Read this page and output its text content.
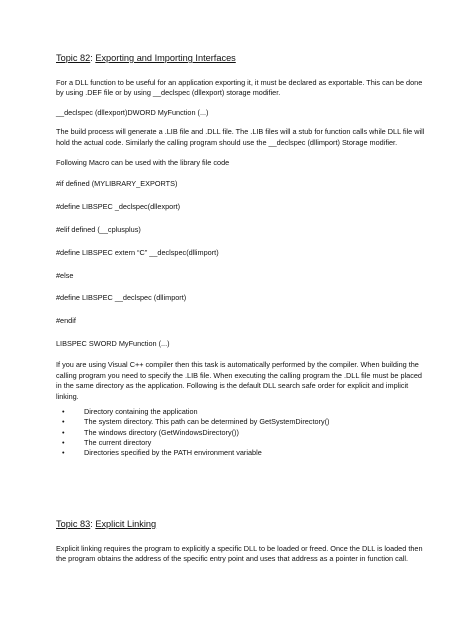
Topic 82: Exporting and Importing Interfaces

For a DLL function to be useful for an application exporting it, it must be declared as exportable. This can be done by using .DEF file or by using __declspec (dllexport) storage modifier.

__declspec (dllexport)DWORD MyFunction (...)

The build process will generate a .LIB file and .DLL file. The .LIB files will a stub for function calls while DLL file will hold the actual code. Similarly the calling program should use the __declspec (dllimport) Storage modifier.

Following Macro can be used with the library file code

#if defined (MYLIBRARY_EXPORTS)
#define LIBSPEC _declspec(dllexport)
#elif defined (__cplusplus)
#define LIBSPEC extern “C” __declspec(dllimport)
#else
#define LIBSPEC __declspec (dllimport)
#endif
LIBSPEC SWORD MyFunction (...)

If you are using Visual C++ compiler then this task is automatically performed by the compiler. When building the calling program you need to specify the .LIB file. When executing the calling program the .DLL file must be placed in the same directory as the application. Following is the default DLL search safe order for explicit and implicit linking.

•	Directory containing the application
•	The system directory. This path can be determined by GetSystemDirectory()
•	The windows directory (GetWindowsDirectory())
•	The current directory
•	Directories specified by the PATH environment variable
Topic 83: Explicit Linking

Explicit linking requires the program to explicitly a specific DLL to be loaded or freed. Once the DLL is loaded then the program obtains the address of the specific entry point and uses that address as a pointer in function call.
